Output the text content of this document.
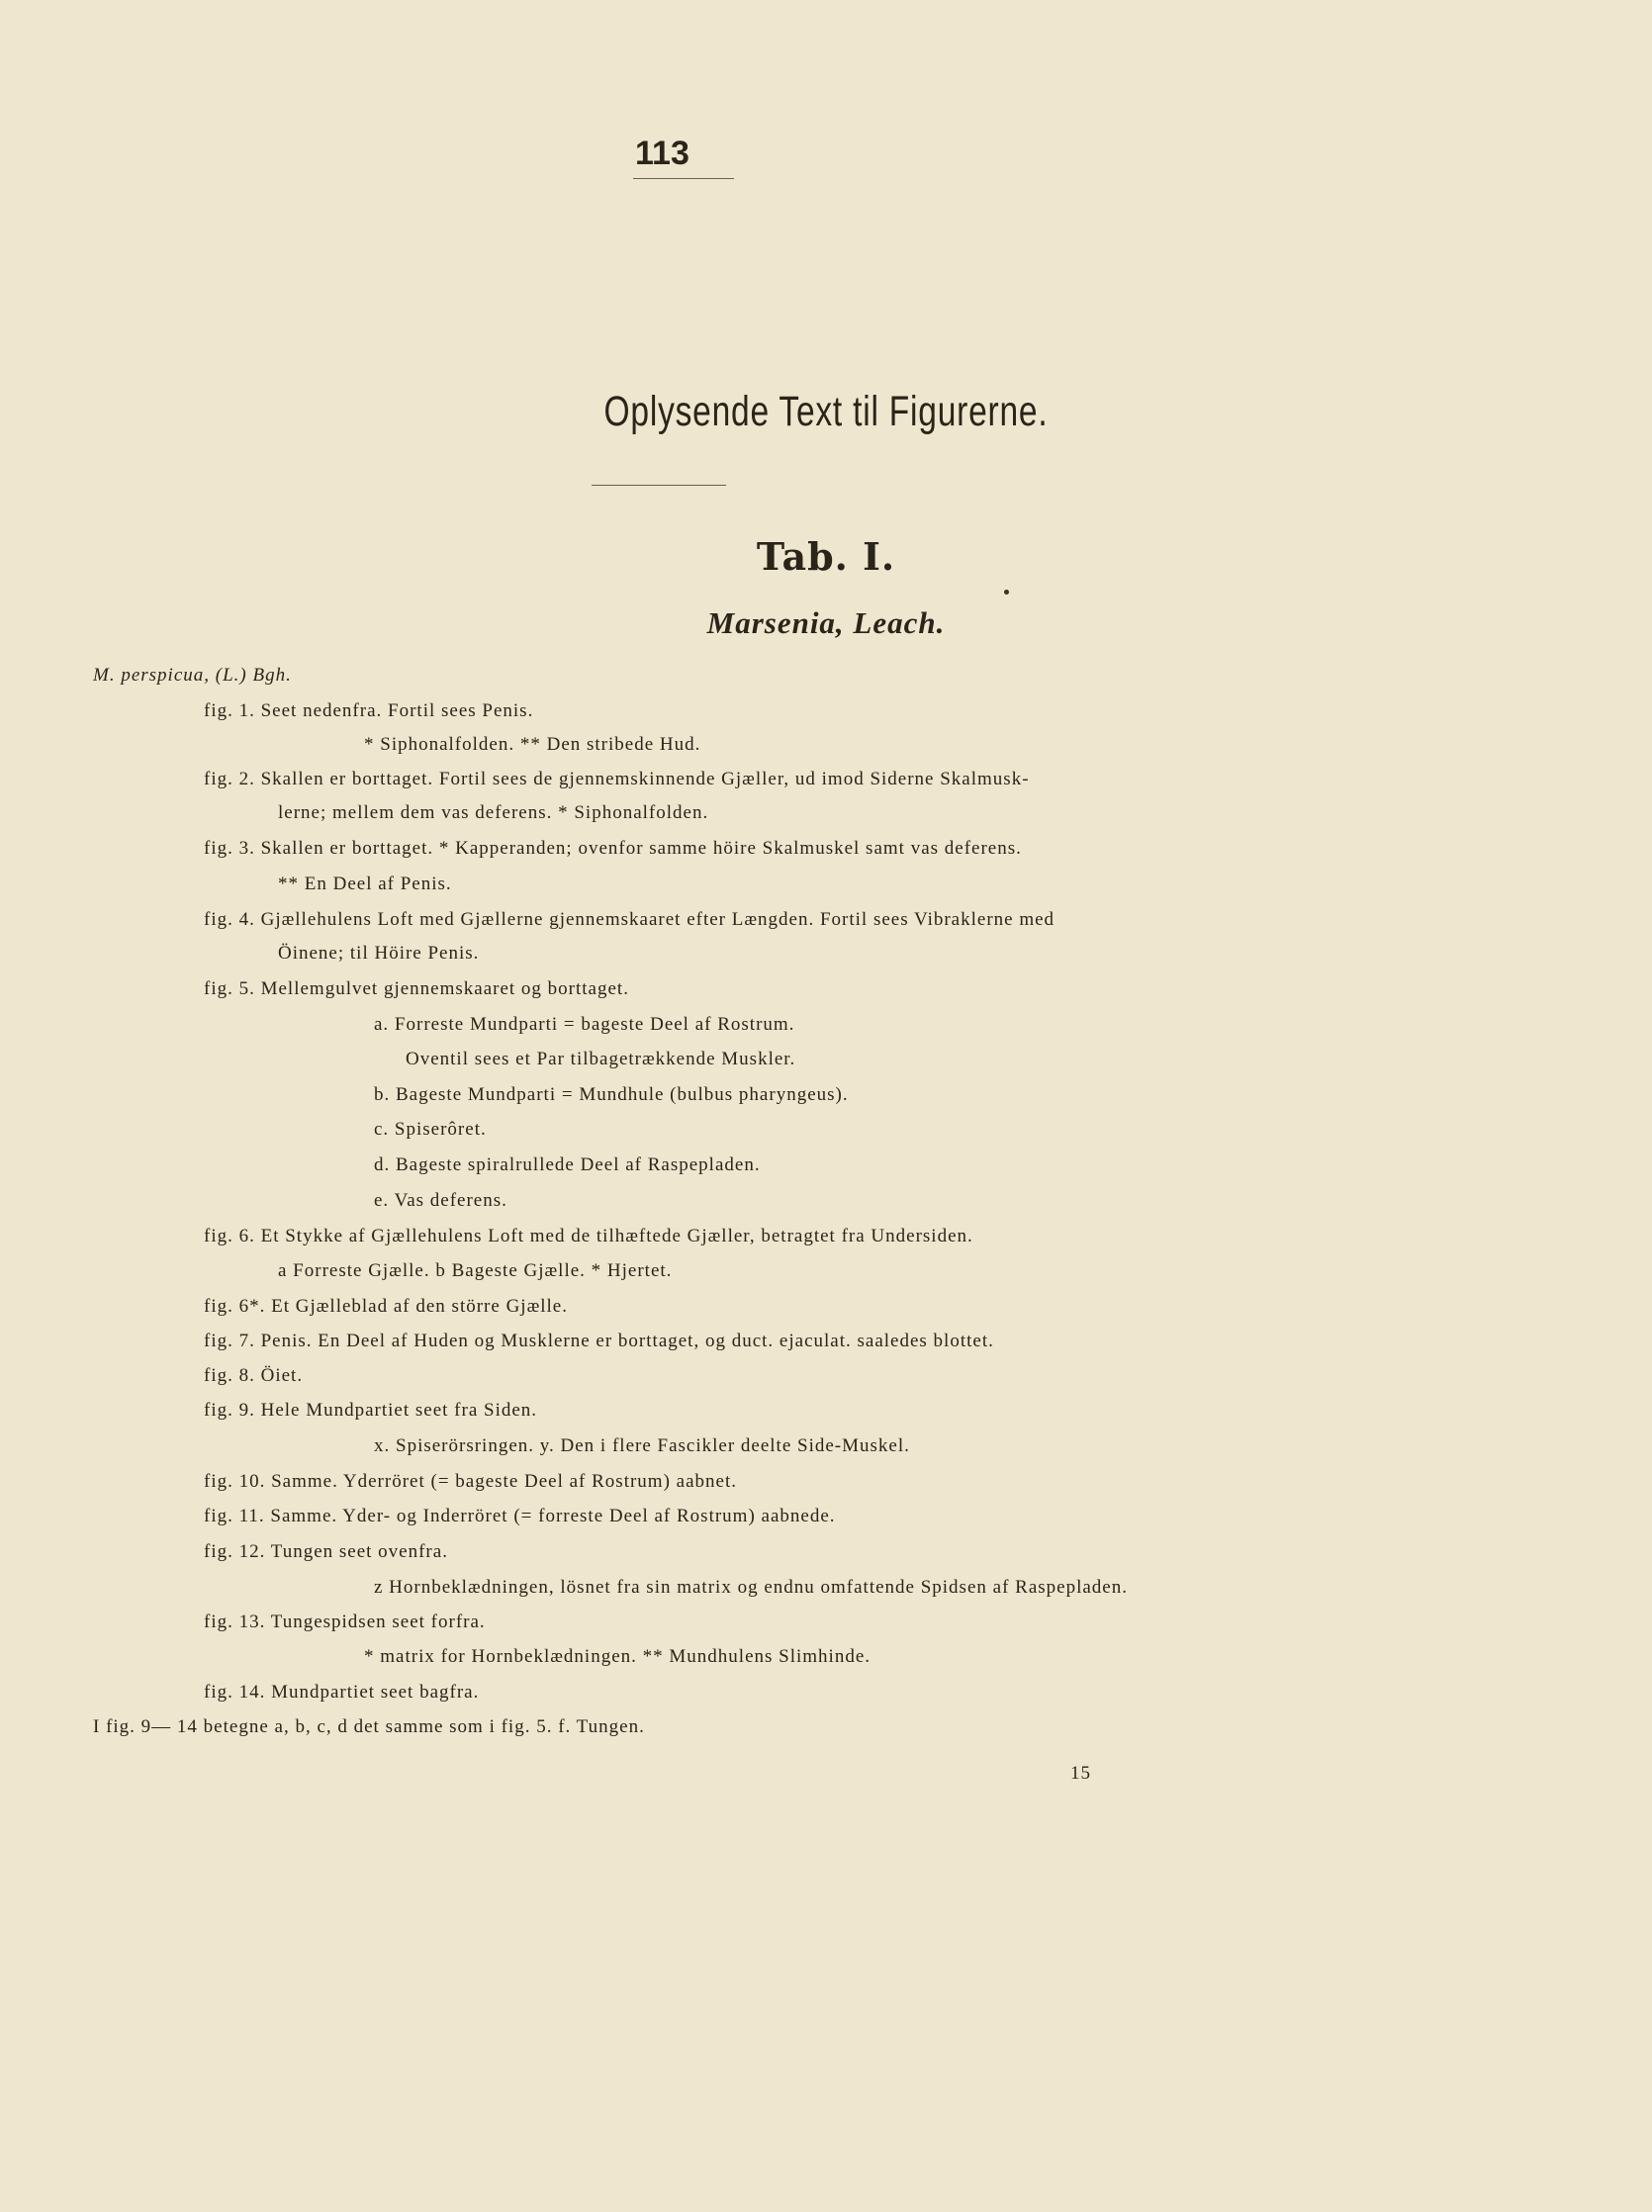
113
Oplysende Text til Figurerne.
Tab. I.
Marsenia, Leach.
M. perspicua, (L.) Bgh.
fig. 1. Seet nedenfra. Fortil sees Penis.
* Siphonalfolden. ** Den stribede Hud.
fig. 2. Skallen er borttaget. Fortil sees de gjennemskinnende Gjæller, ud imod Siderne Skalmusk-
lerne; mellem dem vas deferens. * Siphonalfolden.
fig. 3. Skallen er borttaget. * Kapperanden; ovenfor samme höire Skalmuskel samt vas deferens.
** En Deel af Penis.
fig. 4. Gjællehulens Loft med Gjællerne gjennemskaaret efter Længden. Fortil sees Vibraklerne med
Öinene; til Höire Penis.
fig. 5. Mellemgulvet gjennemskaaret og borttaget.
a. Forreste Mundparti = bageste Deel af Rostrum.
Oventil sees et Par tilbagetrækkende Muskler.
b. Bageste Mundparti = Mundhule (bulbus pharyngeus).
c. Spiserôret.
d. Bageste spiralrullede Deel af Raspepladen.
e. Vas deferens.
fig. 6. Et Stykke af Gjællehulens Loft med de tilhæftede Gjæller, betragtet fra Undersiden.
a Forreste Gjælle. b Bageste Gjælle. * Hjertet.
fig. 6*. Et Gjælleblad af den större Gjælle.
fig. 7. Penis. En Deel af Huden og Musklerne er borttaget, og duct. ejaculat. saaledes blottet.
fig. 8. Öiet.
fig. 9. Hele Mundpartiet seet fra Siden.
x. Spiserörsringen. y. Den i flere Fascikler deelte Side-Muskel.
fig. 10. Samme. Yderröret (= bageste Deel af Rostrum) aabnet.
fig. 11. Samme. Yder- og Inderröret (= forreste Deel af Rostrum) aabnede.
fig. 12. Tungen seet ovenfra.
z Hornbeklædningen, lösnet fra sin matrix og endnu omfattende Spidsen af Raspepladen.
fig. 13. Tungespidsen seet forfra.
* matrix for Hornbeklædningen. ** Mundhulens Slimhinde.
fig. 14. Mundpartiet seet bagfra.
I fig. 9— 14 betegne a, b, c, d det samme som i fig. 5. f. Tungen.
15
